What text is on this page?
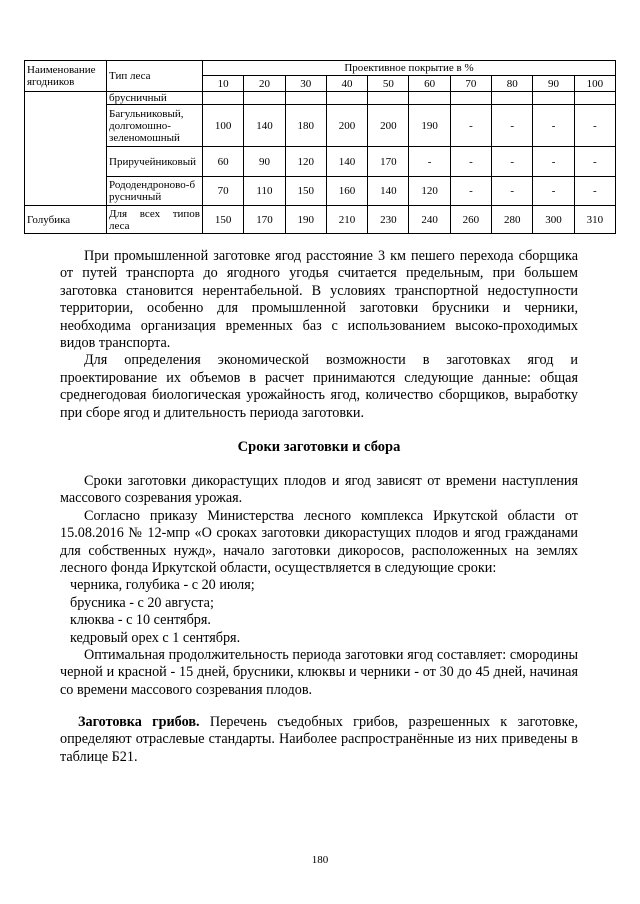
Наименование ягодников	Тип леса	Проективное покрытие в %									
		10	20	30	40	50	60	70	80	90	100
	брусничный										
	Багульниковый, долгомошно-зеленомошный	100	140	180	200	200	190	-	-	-	-
	Приручейниковый	60	90	120	140	170	-	-	-	-	-
	Рододендроново-брусничный	70	110	150	160	140	120	-	-	-	-
Голубика	Для всех типов леса	150	170	190	210	230	240	260	280	300	310

При промышленной заготовке ягод расстояние 3 км пешего перехода сборщика от путей транспорта до ягодного угодья считается предельным, при большем заготовка становится нерентабельной. В условиях транспортной недоступности территории, особенно для промышленной заготовки брусники и черники, необходима организация временных баз с использованием высоко-проходимых видов транспорта.

Для определения экономической возможности в заготовках ягод и проектирование их объемов в расчет принимаются следующие данные: общая среднегодовая биологическая урожайность ягод, количество сборщиков, выработку при сборе ягод и длительность периода заготовки.

Сроки заготовки и сбора

Сроки заготовки дикорастущих плодов и ягод зависят от времени наступления массового созревания урожая.

Согласно приказу Министерства лесного комплекса Иркутской области от 15.08.2016 № 12-мпр «О сроках заготовки дикорастущих плодов и ягод гражданами для собственных нужд», начало заготовки дикоросов, расположенных на землях лесного фонда Иркутской области, осуществляется в следующие сроки:

черника, голубика - с 20 июля;

брусника - с 20 августа;

клюква - с 10 сентября.

кедровый орех с 1 сентября.

Оптимальная продолжительность периода заготовки ягод составляет: смородины черной и красной - 15 дней, брусники, клюквы и черники - от 30 до 45 дней, начиная со времени массового созревания плодов.

Заготовка грибов. Перечень съедобных грибов, разрешенных к заготовке, определяют отраслевые стандарты. Наиболее распространённые из них приведены в таблице Б21.

180
